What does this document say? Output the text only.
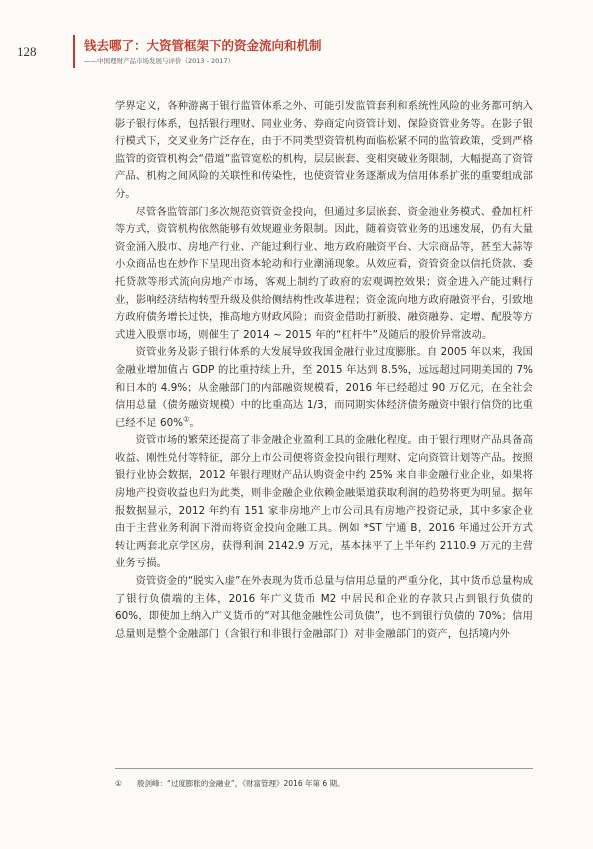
128	钱去哪了：大资管框架下的资金流向和机制
——中国理财产品市场发展与评价（2013 - 2017）

学界定义，各种游离于银行监管体系之外、可能引发监管套利和系统性风险的业务都可纳入影子银行体系，包括银行理财、同业业务、券商定向资管计划、保险资管业务等。在影子银行模式下，交叉业务广泛存在，由于不同类型资管机构面临松紧不同的监管政策，受到严格监管的资管机构会“借道”监管宽松的机构，层层嵌套、变相突破业务限制，大幅提高了资管产品、机构之间风险的关联性和传染性，也使资管业务逐渐成为信用体系扩张的重要组成部分。

尽管各监管部门多次规范资管资金投向，但通过多层嵌套、资金池业务模式、叠加杠杆等方式，资管机构依然能够有效规避业务限制。因此，随着资管业务的迅速发展，仍有大量资金涌入股市、房地产行业、产能过剩行业、地方政府融资平台、大宗商品等，甚至大蒜等小众商品也在炒作下呈现出资本轮动和行业潮涌现象。从效应看，资管资金以信托贷款、委托贷款等形式流向房地产市场，客观上制约了政府的宏观调控效果；资金进入产能过剩行业，影响经济结构转型升级及供给侧结构性改革进程；资金流向地方政府融资平台，引致地方政府债务增长过快，推高地方财政风险；而资金借助打新股、融资融券、定增、配股等方式进入股票市场，则催生了 2014 ~ 2015 年的“杠杆牛”及随后的股价异常波动。

资管业务及影子银行体系的大发展导致我国金融行业过度膨胀。自 2005 年以来，我国金融业增加值占 GDP 的比重持续上升，至 2015 年达到 8.5%，远远超过同期美国的 7%和日本的 4.9%；从金融部门的内部融资规模看，2016 年已经超过 90 万亿元，在全社会信用总量（债务融资规模）中的比重高达 1/3，而同期实体经济债务融资中银行信贷的比重已经不足 60%①。

资管市场的繁荣还提高了非金融企业盈利工具的金融化程度。由于银行理财产品具备高收益、刚性兑付等特征，部分上市公司便将资金投向银行理财、定向资管计划等产品。按照银行业协会数据，2012 年银行理财产品认购资金中约 25% 来自非金融行业企业，如果将房地产投资收益也归为此类，则非金融企业依赖金融渠道获取利润的趋势将更为明显。据年报数据显示，2012 年约有 151 家非房地产上市公司具有房地产投资记录，其中多家企业由于主营业务利润下滑而将资金投向金融工具。例如 *ST 宁通 B，2016 年通过公开方式转让两套北京学区房，获得利润 2142.9 万元，基本抹平了上半年约 2110.9 万元的主营业务亏损。

资管资金的“脱实入虚”在外表现为货币总量与信用总量的严重分化，其中货币总量构成了银行负债端的主体，2016 年广义货币 M2 中居民和企业的存款只占到银行负债的 60%，即使加上纳入广义货币的“对其他金融性公司负债”，也不到银行负债的 70%；信用总量则是整个金融部门（含银行和非银行金融部门）对非金融部门的资产，包括境内外

① 殷剑峰：“过度膨胀的金融业”，《财富管理》2016 年第 6 期。
